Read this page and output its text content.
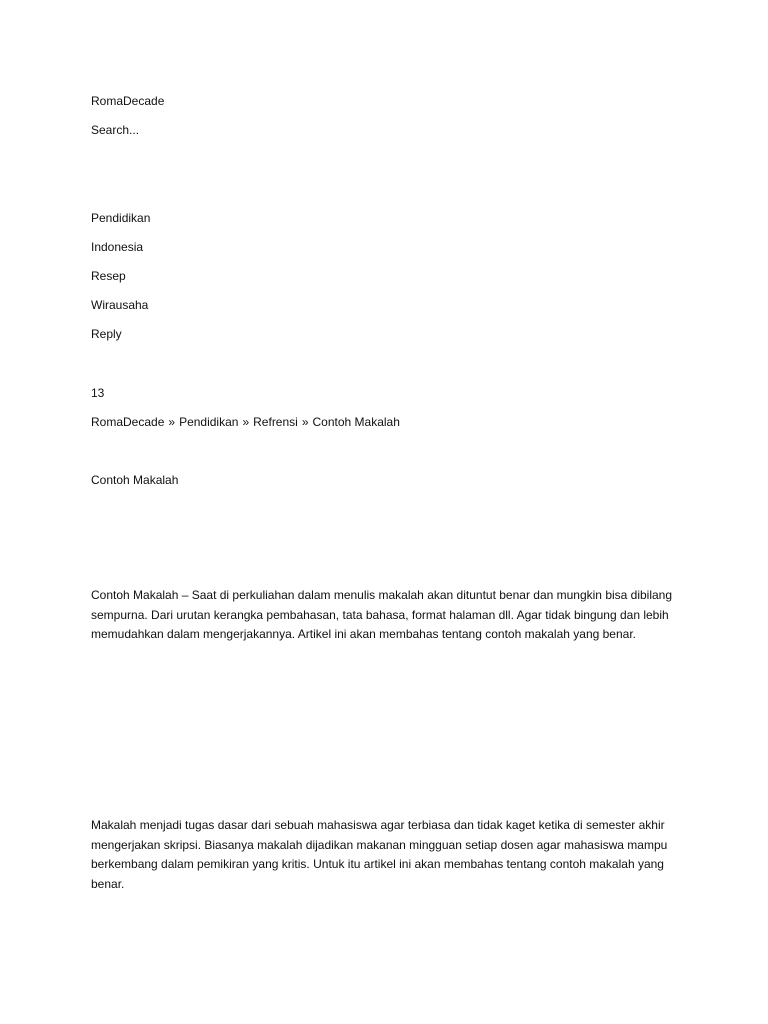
RomaDecade
Search...
Pendidikan
Indonesia
Resep
Wirausaha
Reply
13
RomaDecade » Pendidikan » Refrensi » Contoh Makalah
Contoh Makalah

Contoh Makalah – Saat di perkuliahan dalam menulis makalah akan dituntut benar dan mungkin bisa dibilang sempurna. Dari urutan kerangka pembahasan, tata bahasa, format halaman dll. Agar tidak bingung dan lebih memudahkan dalam mengerjakannya. Artikel ini akan membahas tentang contoh makalah yang benar.

Makalah menjadi tugas dasar dari sebuah mahasiswa agar terbiasa dan tidak kaget ketika di semester akhir mengerjakan skripsi. Biasanya makalah dijadikan makanan mingguan setiap dosen agar mahasiswa mampu berkembang dalam pemikiran yang kritis. Untuk itu artikel ini akan membahas tentang contoh makalah yang benar.
